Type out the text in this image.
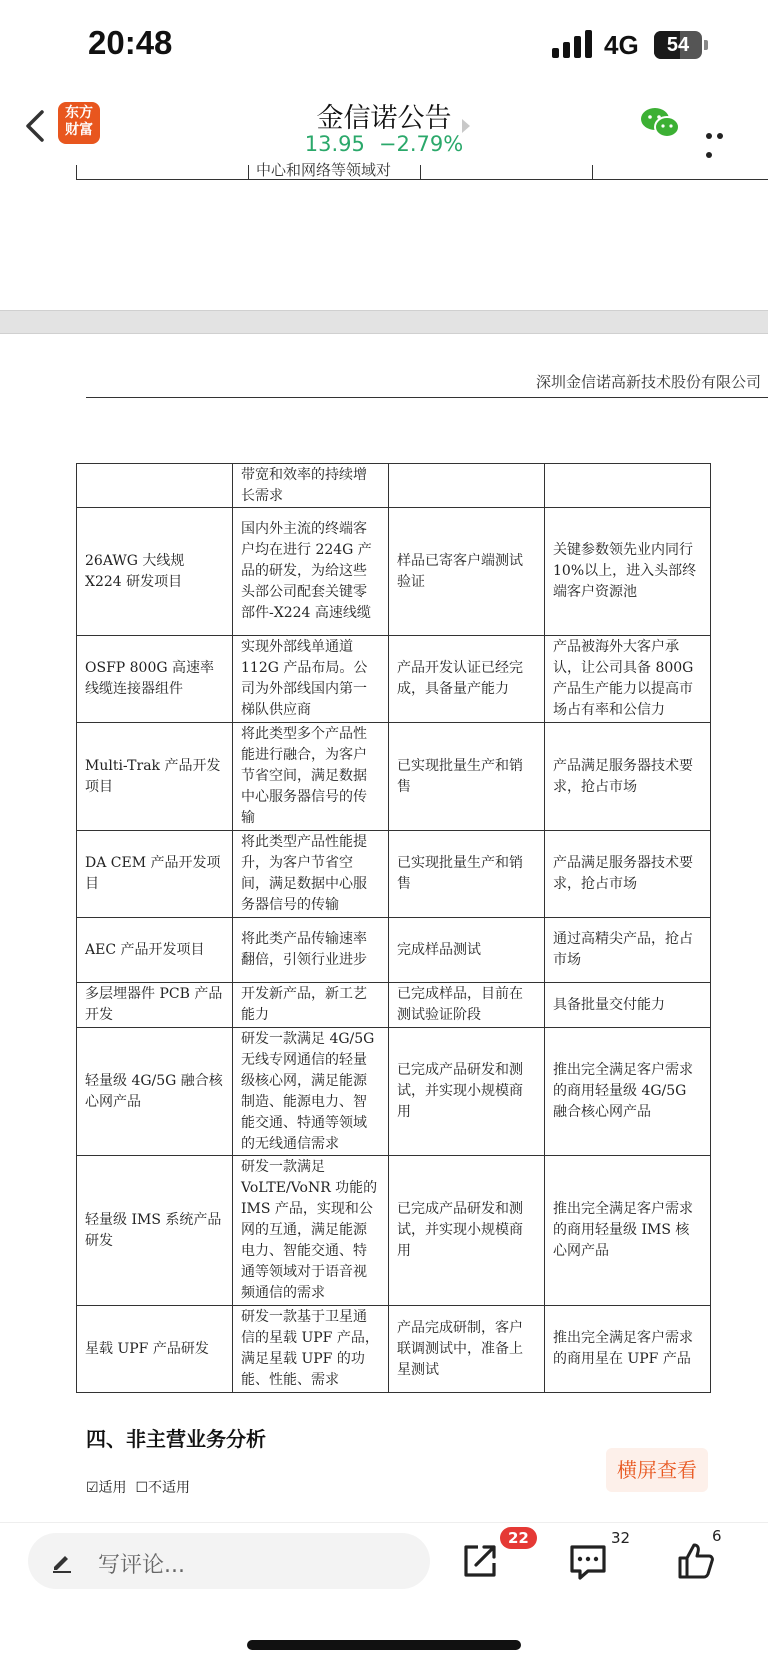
20:48	4G	54
东方
财富	金信诺公告
13.95 −2.79%
中心和网络等领域对
深圳金信诺高新技术股份有限公司
	带宽和效率的持续增长需求		
26AWG 大线规 X224 研发项目	国内外主流的终端客户均在进行 224G 产品的研发，为给这些头部公司配套关键零部件-X224 高速线缆	样品已寄客户端测试验证	关键参数领先业内同行 10%以上，进入头部终端客户资源池
OSFP 800G 高速率线缆连接器组件	实现外部线单通道 112G 产品布局。公司为外部线国内第一梯队供应商	产品开发认证已经完成，具备量产能力	产品被海外大客户承认，让公司具备 800G 产品生产能力以提高市场占有率和公信力
Multi-Trak 产品开发项目	将此类型多个产品性能进行融合，为客户节省空间，满足数据中心服务器信号的传输	已实现批量生产和销售	产品满足服务器技术要求，抢占市场
DA CEM 产品开发项目	将此类型产品性能提升，为客户节省空间，满足数据中心服务器信号的传输	已实现批量生产和销售	产品满足服务器技术要求，抢占市场
AEC 产品开发项目	将此类产品传输速率翻倍，引领行业进步	完成样品测试	通过高精尖产品，抢占市场
多层埋器件 PCB 产品开发	开发新产品，新工艺能力	已完成样品，目前在测试验证阶段	具备批量交付能力
轻量级 4G/5G 融合核心网产品	研发一款满足 4G/5G 无线专网通信的轻量级核心网，满足能源制造、能源电力、智能交通、特通等领域的无线通信需求	已完成产品研发和测试，并实现小规模商用	推出完全满足客户需求的商用轻量级 4G/5G 融合核心网产品
轻量级 IMS 系统产品研发	研发一款满足 VoLTE/VoNR 功能的 IMS 产品，实现和公网的互通，满足能源电力、智能交通、特通等领域对于语音视频通信的需求	已完成产品研发和测试，并实现小规模商用	推出完全满足客户需求的商用轻量级 IMS 核心网产品
星载 UPF 产品研发	研发一款基于卫星通信的星载 UPF 产品，满足星载 UPF 的功能、性能、需求	产品完成研制，客户联调测试中，准备上星测试	推出完全满足客户需求的商用星在 UPF 产品
四、非主营业务分析
☑适用 ☐不适用
横屏查看
写评论...
22	32	6
